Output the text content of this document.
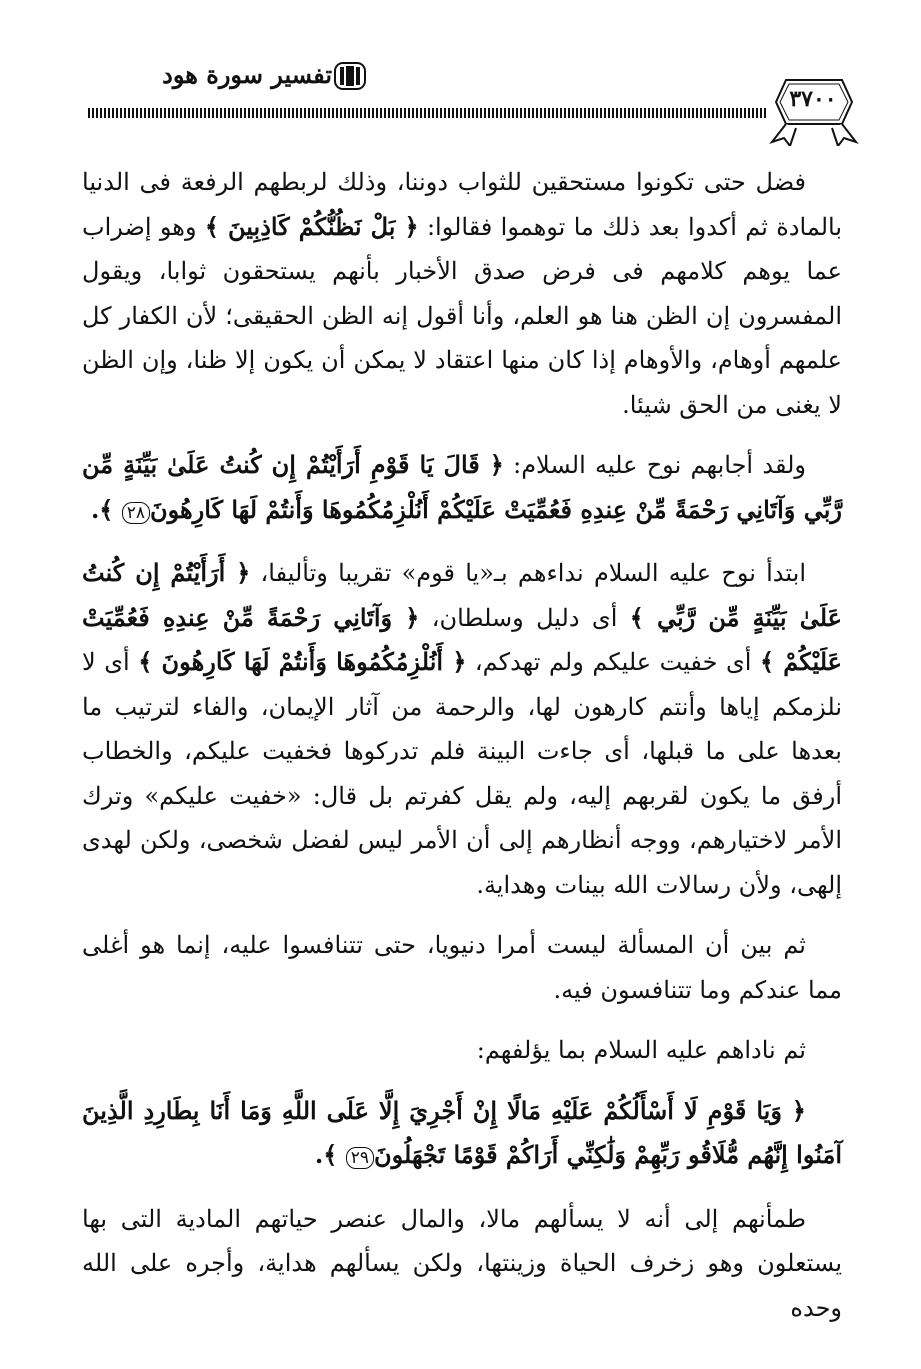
تفسير سورة هود
٣٧٠٠

فضل حتى تكونوا مستحقين للثواب دوننا، وذلك لربطهم الرفعة فى الدنيا بالمادة ثم أكدوا بعد ذلك ما توهموا فقالوا: ﴿ بَلْ نَظُنُّكُمْ كَاذِبِينَ ﴾ وهو إضراب عما يوهم كلامهم فى فرض صدق الأخبار بأنهم يستحقون ثوابا، ويقول المفسرون إن الظن هنا هو العلم، وأنا أقول إنه الظن الحقيقى؛ لأن الكفار كل علمهم أوهام، والأوهام إذا كان منها اعتقاد لا يمكن أن يكون إلا ظنا، وإن الظن لا يغنى من الحق شيئا.

ولقد أجابهم نوح عليه السلام: ﴿ قَالَ يَا قَوْمِ أَرَأَيْتُمْ إِن كُنتُ عَلَىٰ بَيِّنَةٍ مِّن رَّبِّي وَآتَانِي رَحْمَةً مِّنْ عِندِهِ فَعُمِّيَتْ عَلَيْكُمْ أَنُلْزِمُكُمُوهَا وَأَنتُمْ لَهَا كَارِهُونَ٢٨ ﴾.

ابتدأ نوح عليه السلام نداءهم بـ«يا قوم» تقريبا وتأليفا، ﴿ أَرَأَيْتُمْ إِن كُنتُ عَلَىٰ بَيِّنَةٍ مِّن رَّبِّي ﴾ أى دليل وسلطان، ﴿ وَآتَانِي رَحْمَةً مِّنْ عِندِهِ فَعُمِّيَتْ عَلَيْكُمْ ﴾ أى خفيت عليكم ولم تهدكم، ﴿ أَنُلْزِمُكُمُوهَا وَأَنتُمْ لَهَا كَارِهُونَ ﴾ أى لا نلزمكم إياها وأنتم كارهون لها، والرحمة من آثار الإيمان، والفاء لترتيب ما بعدها على ما قبلها، أى جاءت البينة فلم تدركوها فخفيت عليكم، والخطاب أرفق ما يكون لقربهم إليه، ولم يقل كفرتم بل قال: «خفيت عليكم» وترك الأمر لاختيارهم، ووجه أنظارهم إلى أن الأمر ليس لفضل شخصى، ولكن لهدى إلهى، ولأن رسالات الله بينات وهداية.

ثم بين أن المسألة ليست أمرا دنيويا، حتى تتنافسوا عليه، إنما هو أغلى مما عندكم وما تتنافسون فيه.

ثم ناداهم عليه السلام بما يؤلفهم:

﴿ وَيَا قَوْمِ لَا أَسْأَلُكُمْ عَلَيْهِ مَالًا إِنْ أَجْرِيَ إِلَّا عَلَى اللَّهِ وَمَا أَنَا بِطَارِدِ الَّذِينَ آمَنُوا إِنَّهُم مُّلَاقُو رَبِّهِمْ وَلَٰكِنِّي أَرَاكُمْ قَوْمًا تَجْهَلُونَ٢٩ ﴾.

طمأنهم إلى أنه لا يسألهم مالا، والمال عنصر حياتهم المادية التى بها يستعلون وهو زخرف الحياة وزينتها، ولكن يسألهم هداية، وأجره على الله وحده
